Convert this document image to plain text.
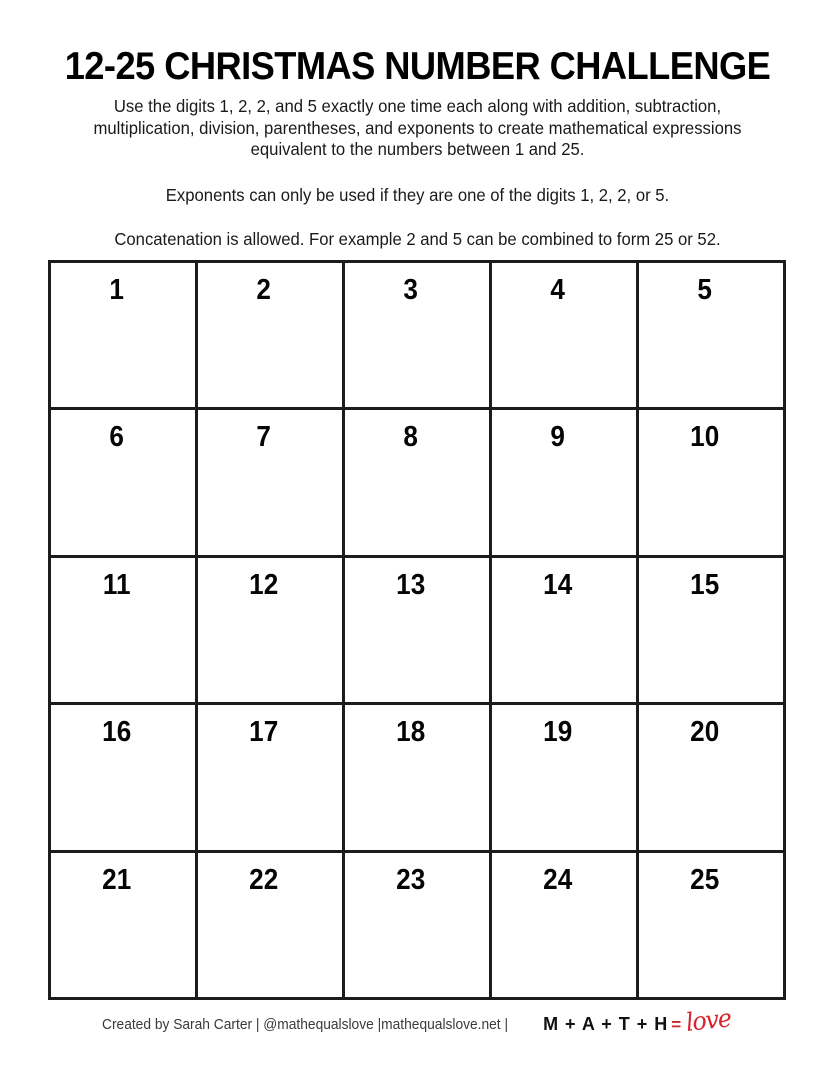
12-25 CHRISTMAS NUMBER CHALLENGE

Use the digits 1, 2, 2, and 5 exactly one time each along with addition, subtraction, multiplication, division, parentheses, and exponents to create mathematical expressions equivalent to the numbers between 1 and 25.

Exponents can only be used if they are one of the digits 1, 2, 2, or 5.

Concatenation is allowed. For example 2 and 5 can be combined to form 25 or 52.

1	2	3	4	5
6	7	8	9	10
11	12	13	14	15
16	17	18	19	20
21	22	23	24	25
Created by Sarah Carter | @mathequalslove |mathequalslove.net | M + A + T + H = love
